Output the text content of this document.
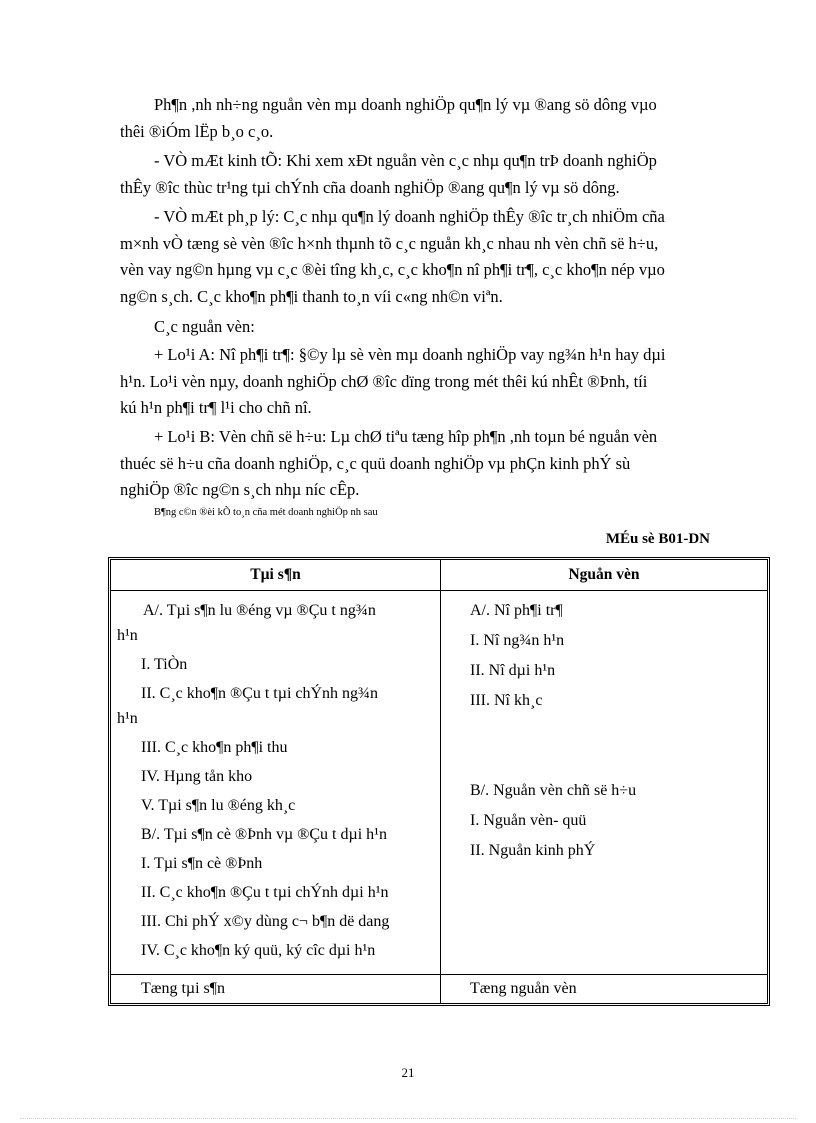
Ph¶n ,nh nh÷ng nguån vèn mµ doanh nghiÖp qu¶n lý vµ ®ang sö dông vµo
thêi ®iÓm lËp b¸o c¸o.
- VÒ mÆt kinh tÕ: Khi xem xÐt nguån vèn c¸c nhµ qu¶n trÞ doanh nghiÖp
thÊy ®îc thùc tr¹ng tµi chÝnh cña doanh nghiÖp ®ang qu¶n lý vµ sö dông.
- VÒ mÆt ph¸p lý: C¸c nhµ qu¶n lý doanh nghiÖp thÊy ®îc tr¸ch nhiÖm cña
m×nh vÒ tæng sè vèn ®îc h×nh thµnh tõ c¸c nguån kh¸c nhau nh vèn chñ së h÷u,
vèn vay ng©n hµng vµ c¸c ®èi tîng kh¸c, c¸c kho¶n nî ph¶i tr¶, c¸c kho¶n nép vµo
ng©n s¸ch. C¸c kho¶n ph¶i thanh to¸n víi c«ng nh©n viªn.
C¸c nguån vèn:
+ Lo¹i A: Nî ph¶i tr¶: §©y lµ sè vèn mµ doanh nghiÖp vay ng¾n h¹n hay dµi
h¹n. Lo¹i vèn nµy, doanh nghiÖp chØ ®îc dïng trong mét thêi kú nhÊt ®Þnh, tíi
kú h¹n ph¶i tr¶ l¹i cho chñ nî.
+ Lo¹i B: Vèn chñ së h÷u: Lµ chØ tiªu tæng hîp ph¶n ,nh toµn bé nguån vèn
thuéc së h÷u cña doanh nghiÖp, c¸c quü doanh nghiÖp vµ phÇn kinh phÝ sù
nghiÖp ®îc ng©n s¸ch nhµ níc cÊp.
B¶ng c©n ®èi kÕ to¸n cña mét doanh nghiÖp nh sau
MÉu sè B01-DN
Tµi s¶n	Nguån vèn
A/. Tµi s¶n lu ®éng vµ ®Çu t ng¾n
h¹n
I. TiÒn
II. C¸c kho¶n ®Çu t tµi chÝnh ng¾n
h¹n
III. C¸c kho¶n ph¶i thu
IV. Hµng tån kho
V. Tµi s¶n lu ®éng kh¸c
B/. Tµi s¶n cè ®Þnh vµ ®Çu t dµi h¹n
I. Tµi s¶n cè ®Þnh
II. C¸c kho¶n ®Çu t tµi chÝnh dµi h¹n
III. Chi phÝ x©y dùng c¬ b¶n dë dang
IV. C¸c kho¶n ký quü, ký cîc dµi h¹n
A/. Nî ph¶i tr¶
I. Nî ng¾n h¹n
II. Nî dµi h¹n
III. Nî kh¸c
B/. Nguån vèn chñ së h÷u
I. Nguån vèn- quü
II. Nguån kinh phÝ
Tæng tµi s¶n	Tæng nguån vèn
21
